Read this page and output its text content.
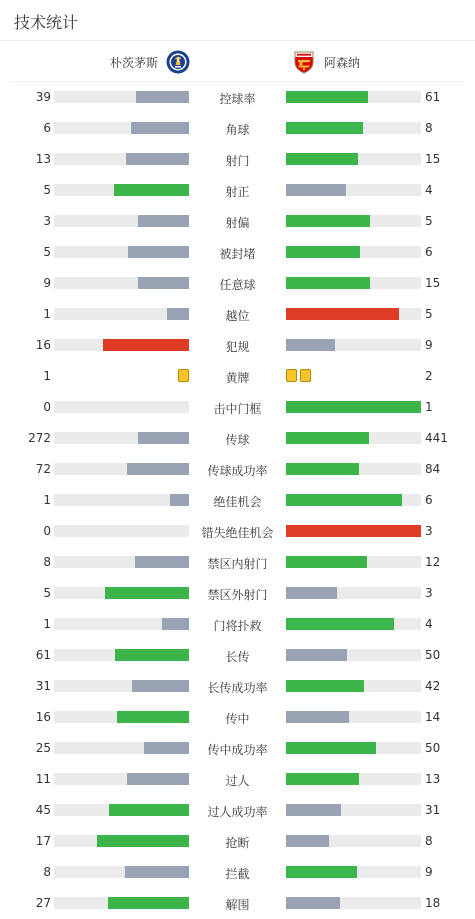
技术统计
朴茨茅斯	阿森纳
39	控球率	61
6	角球	8
13	射门	15
5	射正	4
3	射偏	5
5	被封堵	6
9	任意球	15
1	越位	5
16	犯规	9
1	黄牌	2
0	击中门框	1
272	传球	441
72	传球成功率	84
1	绝佳机会	6
0	错失绝佳机会	3
8	禁区内射门	12
5	禁区外射门	3
1	门将扑救	4
61	长传	50
31	长传成功率	42
16	传中	14
25	传中成功率	50
11	过人	13
45	过人成功率	31
17	抢断	8
8	拦截	9
27	解围	18
